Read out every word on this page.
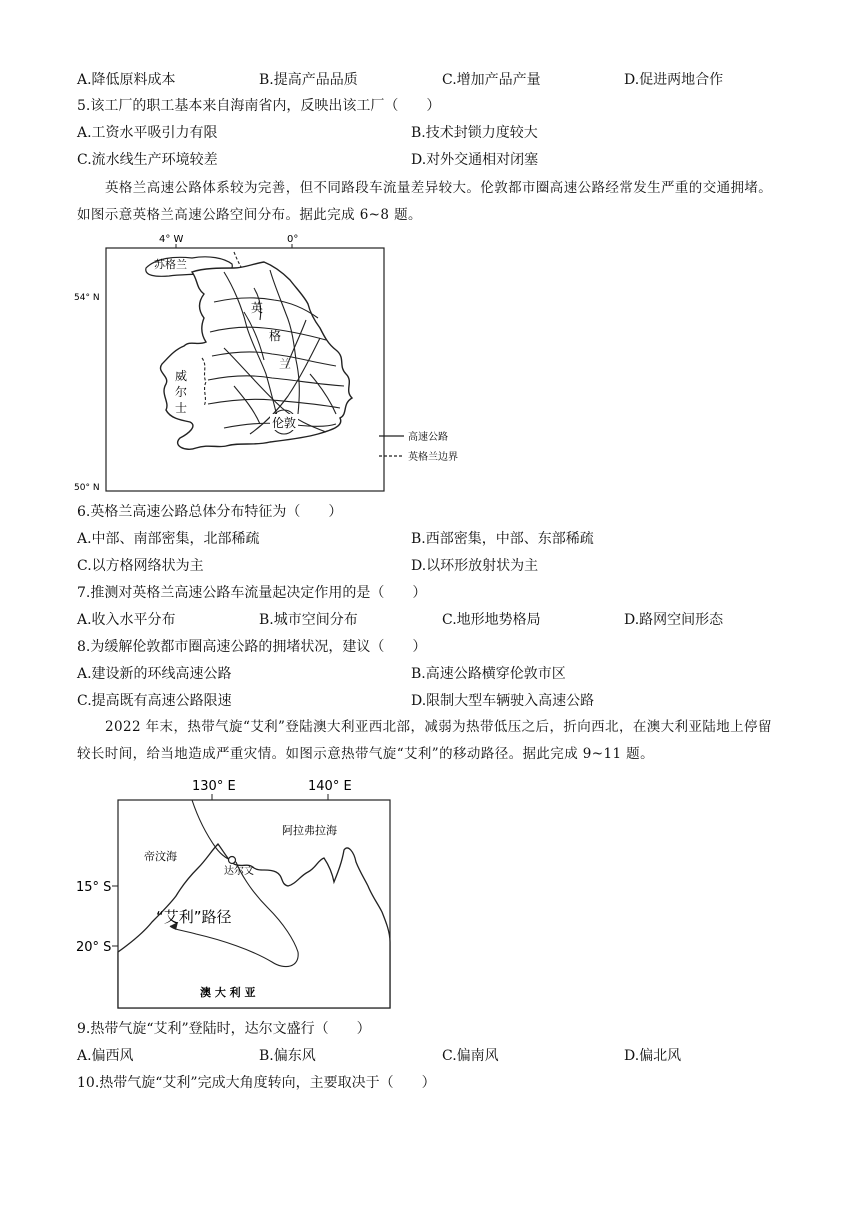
A.降低原料成本	B.提高产品品质	C.增加产品产量	D.促进两地合作
5.该工厂的职工基本来自海南省内，反映出该工厂（　　）
A.工资水平吸引力有限	B.技术封锁力度较大
C.流水线生产环境较差	D.对外交通相对闭塞
英格兰高速公路体系较为完善，但不同路段车流量差异较大。伦敦都市圈高速公路经常发生严重的交通拥堵。如图示意英格兰高速公路空间分布。据此完成 6~8 题。
4° W	0°
54° N
50° N
苏格兰
英
格
兰
威
尔
士
伦敦
高速公路
英格兰边界
6.英格兰高速公路总体分布特征为（　　）
A.中部、南部密集，北部稀疏	B.西部密集，中部、东部稀疏
C.以方格网络状为主	D.以环形放射状为主
7.推测对英格兰高速公路车流量起决定作用的是（　　）
A.收入水平分布	B.城市空间分布	C.地形地势格局	D.路网空间形态
8.为缓解伦敦都市圈高速公路的拥堵状况，建议（　　）
A.建设新的环线高速公路	B.高速公路横穿伦敦市区
C.提高既有高速公路限速	D.限制大型车辆驶入高速公路
2022 年末，热带气旋“艾利”登陆澳大利亚西北部，减弱为热带低压之后，折向西北，在澳大利亚陆地上停留较长时间，给当地造成严重灾情。如图示意热带气旋“艾利”的移动路径。据此完成 9~11 题。
130° E	140° E
15° S
20° S
阿拉弗拉海
帝汶海
达尔文
“艾利”路径
澳 大 利 亚
9.热带气旋“艾利”登陆时，达尔文盛行（　　）
A.偏西风	B.偏东风	C.偏南风	D.偏北风
10.热带气旋“艾利”完成大角度转向，主要取决于（　　）
